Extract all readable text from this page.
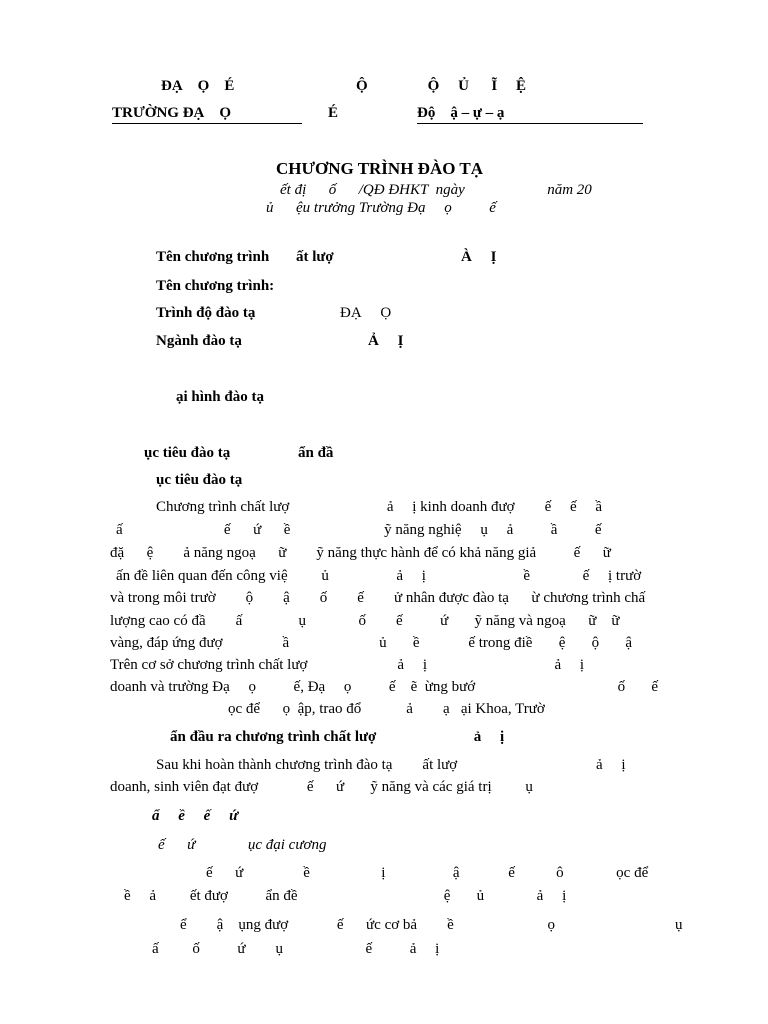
ĐẠ    Ọ    É	Ộ                Ộ     Ủ      Ĩ     Ệ
TRƯỜNG ĐẠ    Ọ	É	Độ    ậ – ự – ạ
CHƯƠNG TRÌNH ĐÀO TẠ
ết đị      ố      /QĐ ĐHKT  ngày                      năm 20
ủ      ệu trưởng Trường Đạ     ọ          ế
Tên chương trình ất lượ	À     Ị
Tên chương trình:
Trình độ đào tạ	ĐẠ     Ọ
Ngành đào tạ	Ả     Ị
ại hình đào tạ
ục tiêu đào tạ	ẩn đầ
ục tiêu đào tạ
Chương trình chất lượ                          ả     ị kinh doanh đượ        ế     ế     ầ
ấ                           ế      ứ      ề                         ỹ năng nghiệ     ụ     ả          ầ          ế
đặ      ệ        ả năng ngoạ      ữ        ỹ năng thực hành để có khả năng giả          ế      ữ
ấn đề liên quan đến công việ         ủ                  ả     ị                          ề              ế     ị trườ
và trong môi trườ        ộ        ậ        ố        ế        ử nhân được đào tạ      ừ chương trình chấ
lượng cao có đầ        ấ               ụ              ố        ế          ứ       ỹ năng và ngoạ      ữ    ữ
vàng, đáp ứng đượ                ầ                        ủ       ề             ế trong điề       ệ       ộ       ậ
Trên cơ sở chương trình chất lượ                        ả     ị                                  ả     ị
doanh và trường Đạ     ọ          ế, Đạ     ọ          ế    ẽ  ừng bướ                                      ố       ế
ọc để      ọ  ập, trao đổ            ả        ạ   ại Khoa, Trườ
ẩn đầu ra chương trình chất lượ                          ả     ị
Sau khi hoàn thành chương trình đào tạ        ất lượ                                     ả     ị
doanh, sinh viên đạt đượ             ế      ứ       ỹ năng và các giá trị         ụ
ẩ     ề     ế     ứ
ế      ứ              ục đại cương
ế      ứ                ề                   ị                  ậ             ế           ô              ọc để
ề     ả         ết đượ          ẩn đề                                       ệ       ủ              ả     ị
ể        ậ    ụng đượ             ế      ức cơ bả        ề                         ọ                                ụ
ấ         ố          ứ        ụ                      ế          ả     ị
